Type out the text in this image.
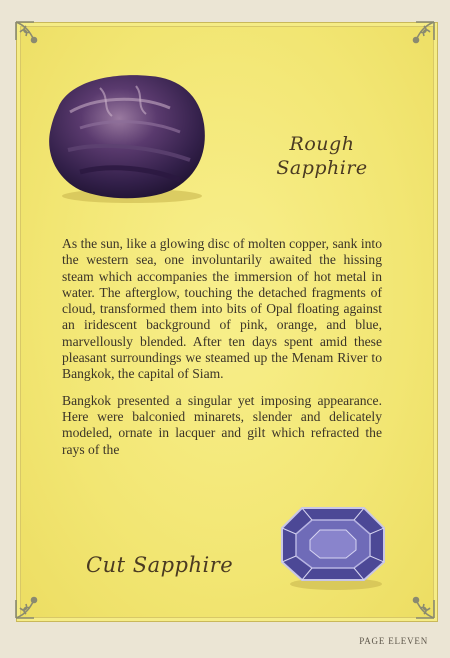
Rough
Sapphire

As the sun, like a glowing disc of molten copper, sank into the western sea, one involuntarily awaited the hissing steam which accompanies the immersion of hot metal in water. The afterglow, touching the detached fragments of cloud, transformed them into bits of Opal floating against an iridescent background of pink, orange, and blue, marvellously blended. After ten days spent amid these pleasant surroundings we steamed up the Menam River to Bangkok, the capital of Siam.

Bangkok presented a singular yet imposing appearance. Here were balconied minarets, slender and delicately modeled, ornate in lacquer and gilt which refracted the rays of the

Cut Sapphire
PAGE ELEVEN
